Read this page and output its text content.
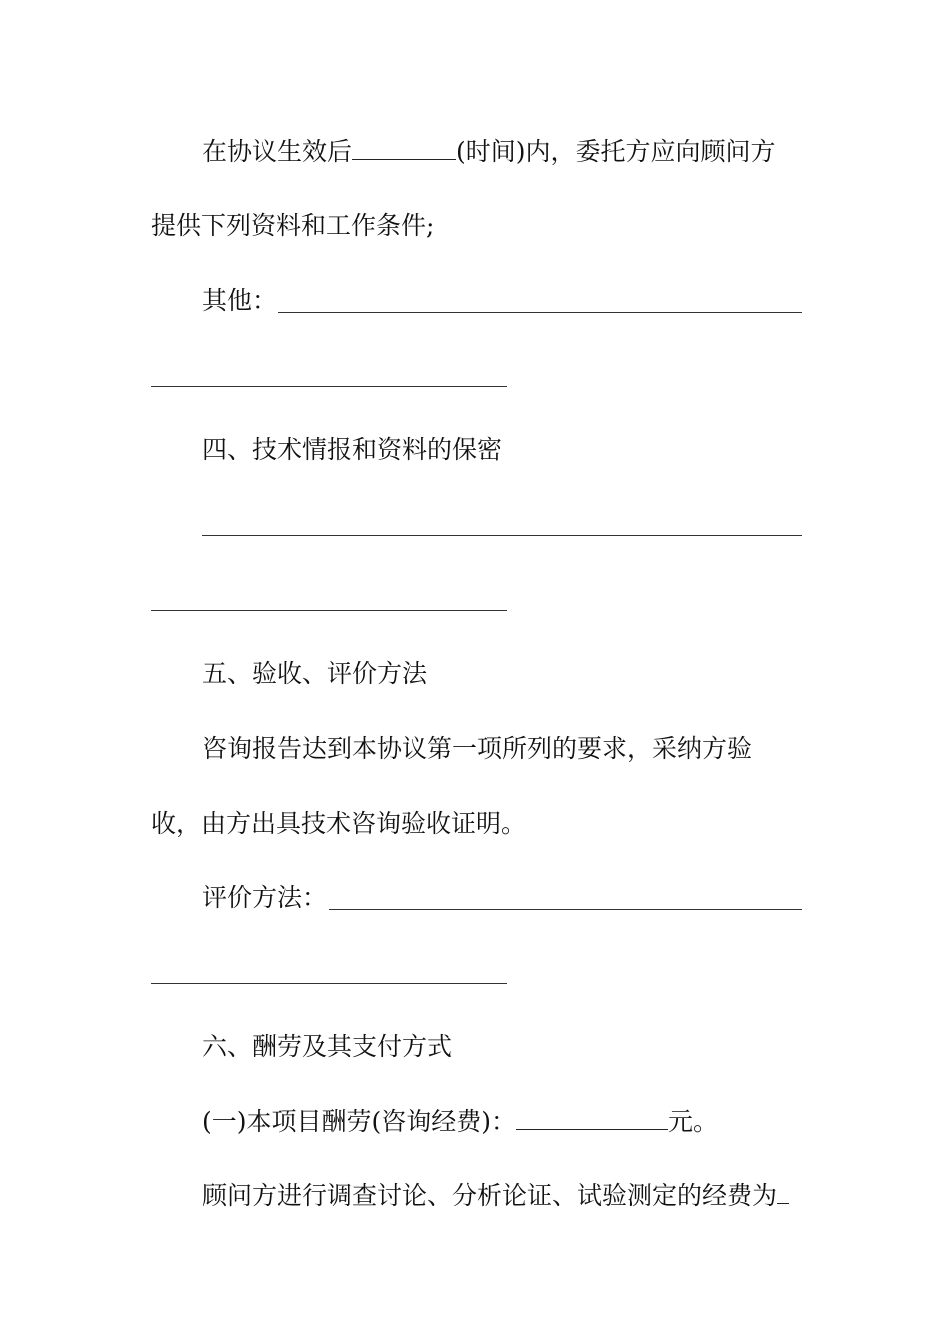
在协议生效后	(时间)内，委托方应向顾问方
提供下列资料和工作条件;
其他：
四、技术情报和资料的保密
五、验收、评价方法
咨询报告达到本协议第一项所列的要求，采纳方验
收，由方出具技术咨询验收证明。
评价方法：
六、酬劳及其支付方式
(一)本项目酬劳(咨询经费)：	元。
顾问方进行调查讨论、分析论证、试验测定的经费为
